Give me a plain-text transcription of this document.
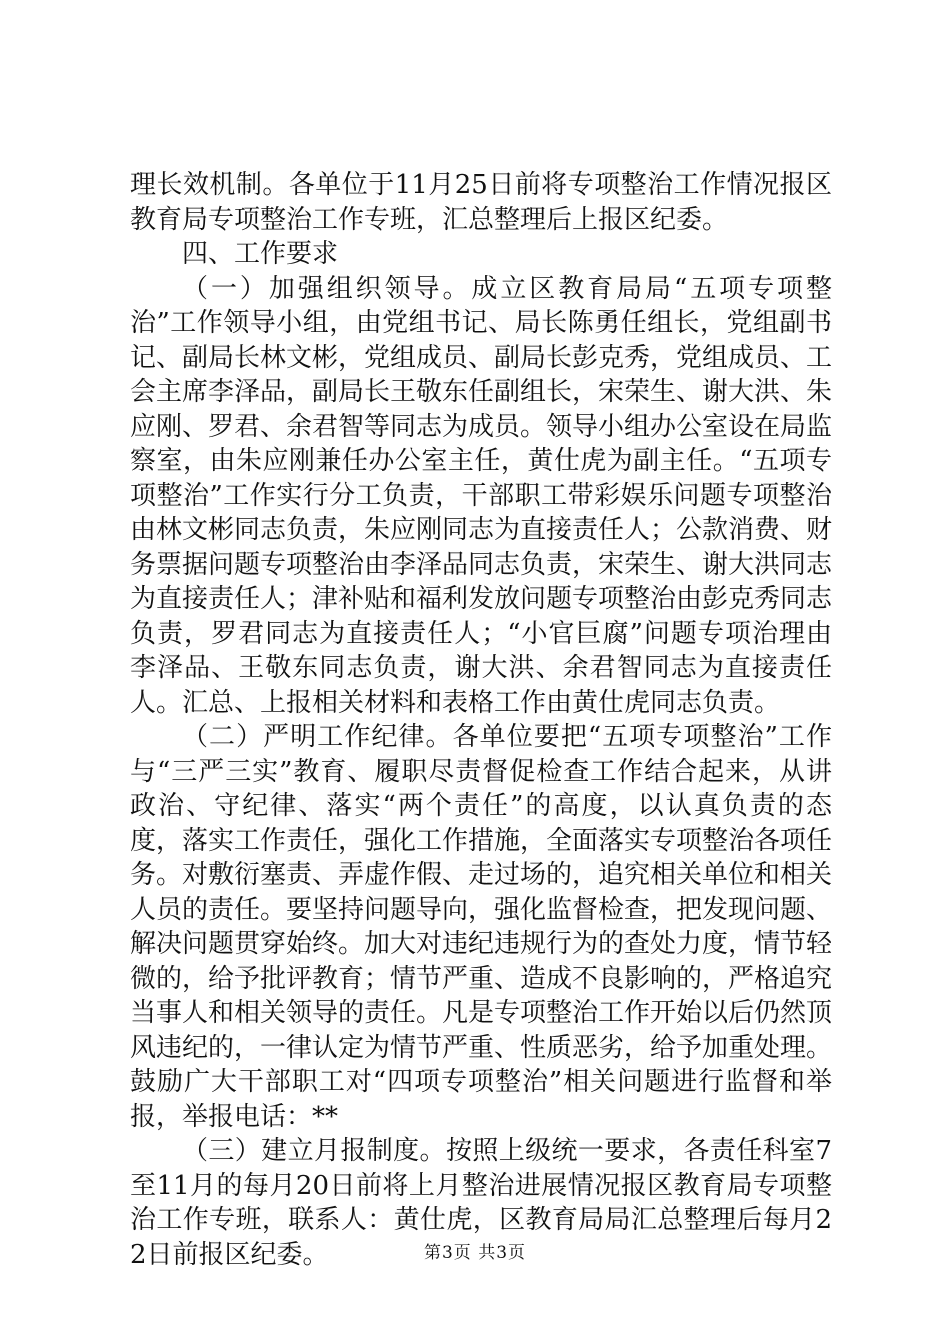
理长效机制。各单位于11月25日前将专项整治工作情况报区教育局专项整治工作专班，汇总整理后上报区纪委。

四、工作要求

（一）加强组织领导。成立区教育局局“五项专项整治”工作领导小组，由党组书记、局长陈勇任组长，党组副书记、副局长林文彬，党组成员、副局长彭克秀，党组成员、工会主席李泽品，副局长王敬东任副组长，宋荣生、谢大洪、朱应刚、罗君、余君智等同志为成员。领导小组办公室设在局监察室，由朱应刚兼任办公室主任，黄仕虎为副主任。“五项专项整治”工作实行分工负责，干部职工带彩娱乐问题专项整治由林文彬同志负责，朱应刚同志为直接责任人；公款消费、财务票据问题专项整治由李泽品同志负责，宋荣生、谢大洪同志为直接责任人；津补贴和福利发放问题专项整治由彭克秀同志负责，罗君同志为直接责任人；“小官巨腐”问题专项治理由李泽品、王敬东同志负责，谢大洪、余君智同志为直接责任人。汇总、上报相关材料和表格工作由黄仕虎同志负责。

（二）严明工作纪律。各单位要把“五项专项整治”工作与“三严三实”教育、履职尽责督促检查工作结合起来，从讲政治、守纪律、落实“两个责任”的高度，以认真负责的态度，落实工作责任，强化工作措施，全面落实专项整治各项任务。对敷衍塞责、弄虚作假、走过场的，追究相关单位和相关人员的责任。要坚持问题导向，强化监督检查，把发现问题、解决问题贯穿始终。加大对违纪违规行为的查处力度，情节轻微的，给予批评教育；情节严重、造成不良影响的，严格追究当事人和相关领导的责任。凡是专项整治工作开始以后仍然顶风违纪的，一律认定为情节严重、性质恶劣，给予加重处理。鼓励广大干部职工对“四项专项整治”相关问题进行监督和举报，举报电话：**

（三）建立月报制度。按照上级统一要求，各责任科室7至11月的每月20日前将上月整治进展情况报区教育局专项整治工作专班，联系人：黄仕虎，区教育局局汇总整理后每月22日前报区纪委。	第3页 共3页
